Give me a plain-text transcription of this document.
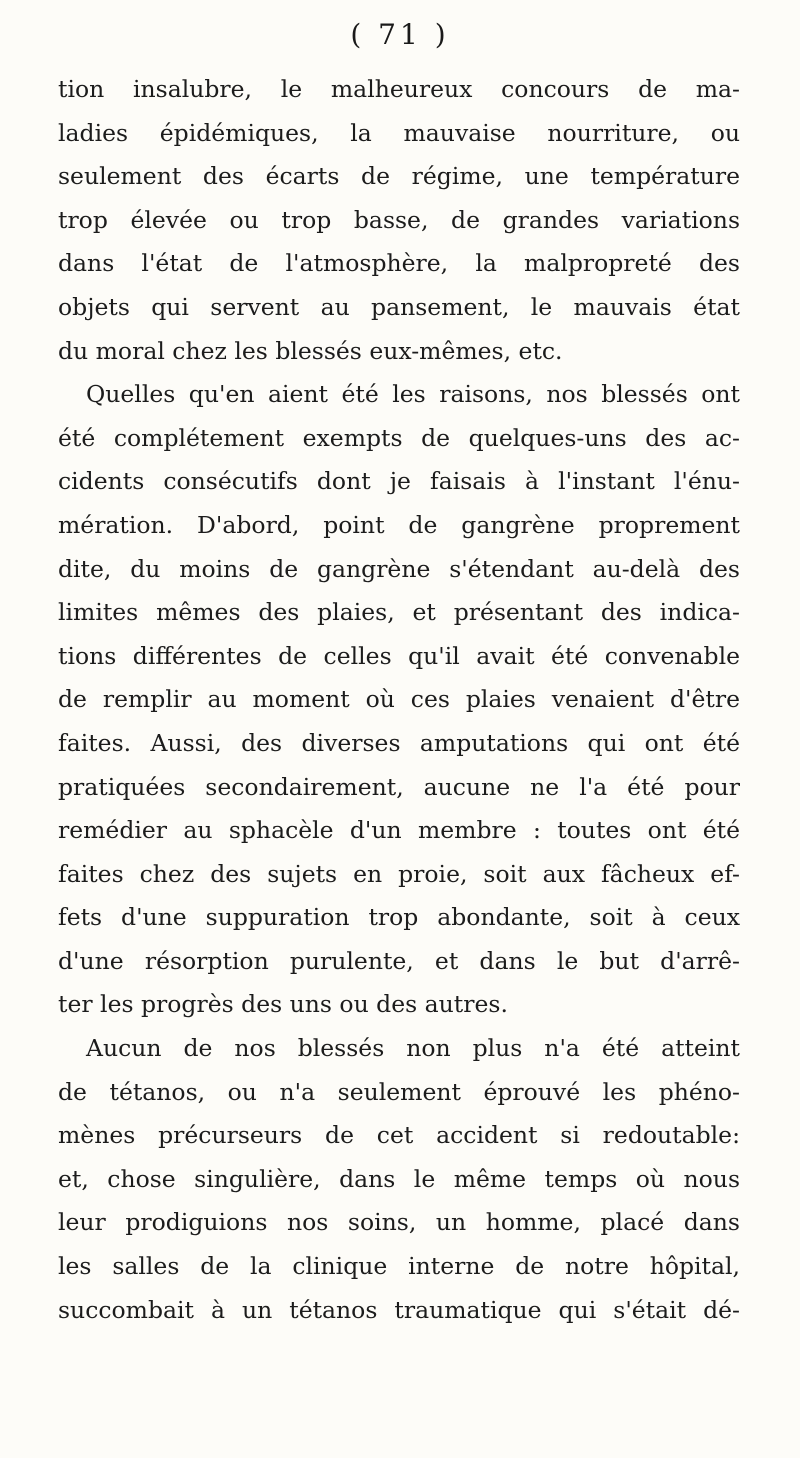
( 71 )
tion insalubre, le malheureux concours de ma-
ladies épidémiques, la mauvaise nourriture, ou
seulement des écarts de régime, une température
trop élevée ou trop basse, de grandes variations
dans l'état de l'atmosphère, la malpropreté des
objets qui servent au pansement, le mauvais état
du moral chez les blessés eux-mêmes, etc.
Quelles qu'en aient été les raisons, nos blessés ont
été complétement exempts de quelques-uns des ac-
cidents consécutifs dont je faisais à l'instant l'énu-
mération. D'abord, point de gangrène proprement
dite, du moins de gangrène s'étendant au-delà des
limites mêmes des plaies, et présentant des indica-
tions différentes de celles qu'il avait été convenable
de remplir au moment où ces plaies venaient d'être
faites. Aussi, des diverses amputations qui ont été
pratiquées secondairement, aucune ne l'a été pour
remédier au sphacèle d'un membre : toutes ont été
faites chez des sujets en proie, soit aux fâcheux ef-
fets d'une suppuration trop abondante, soit à ceux
d'une résorption purulente, et dans le but d'arrê-
ter les progrès des uns ou des autres.
Aucun de nos blessés non plus n'a été atteint
de tétanos, ou n'a seulement éprouvé les phéno-
mènes précurseurs de cet accident si redoutable:
et, chose singulière, dans le même temps où nous
leur prodiguions nos soins, un homme, placé dans
les salles de la clinique interne de notre hôpital,
succombait à un tétanos traumatique qui s'était dé-
